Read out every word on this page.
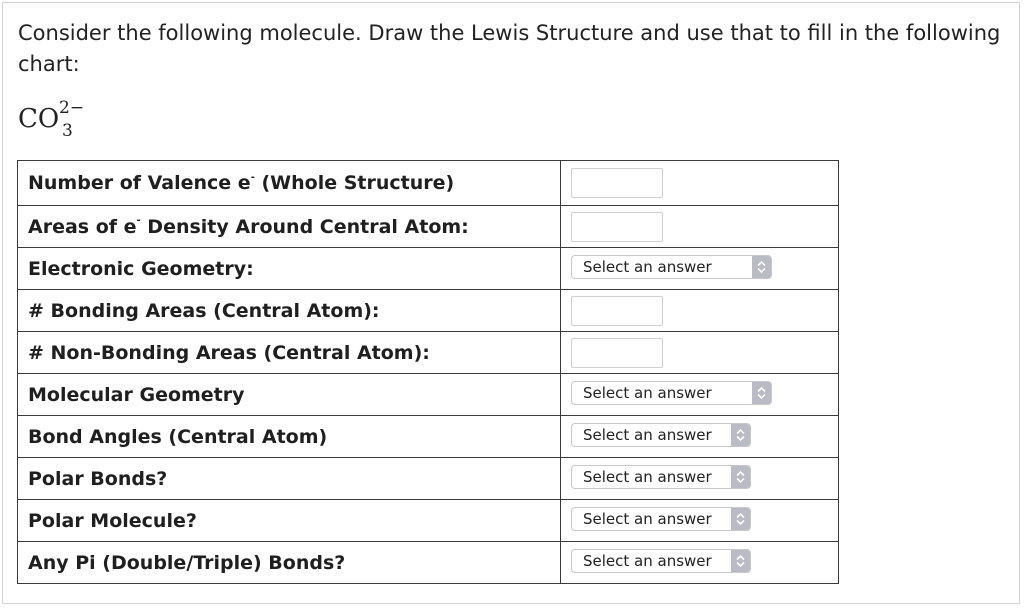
Consider the following molecule. Draw the Lewis Structure and use that to fill in the following chart:
CO 2−
3
Number of Valence e- (Whole Structure)	

Areas of e- Density Around Central Atom:	

Electronic Geometry:	Select an answer

# Bonding Areas (Central Atom):	

# Non-Bonding Areas (Central Atom):	

Molecular Geometry	Select an answer

Bond Angles (Central Atom)	Select an answer

Polar Bonds?	Select an answer

Polar Molecule?	Select an answer

Any Pi (Double/Triple) Bonds?	Select an answer
